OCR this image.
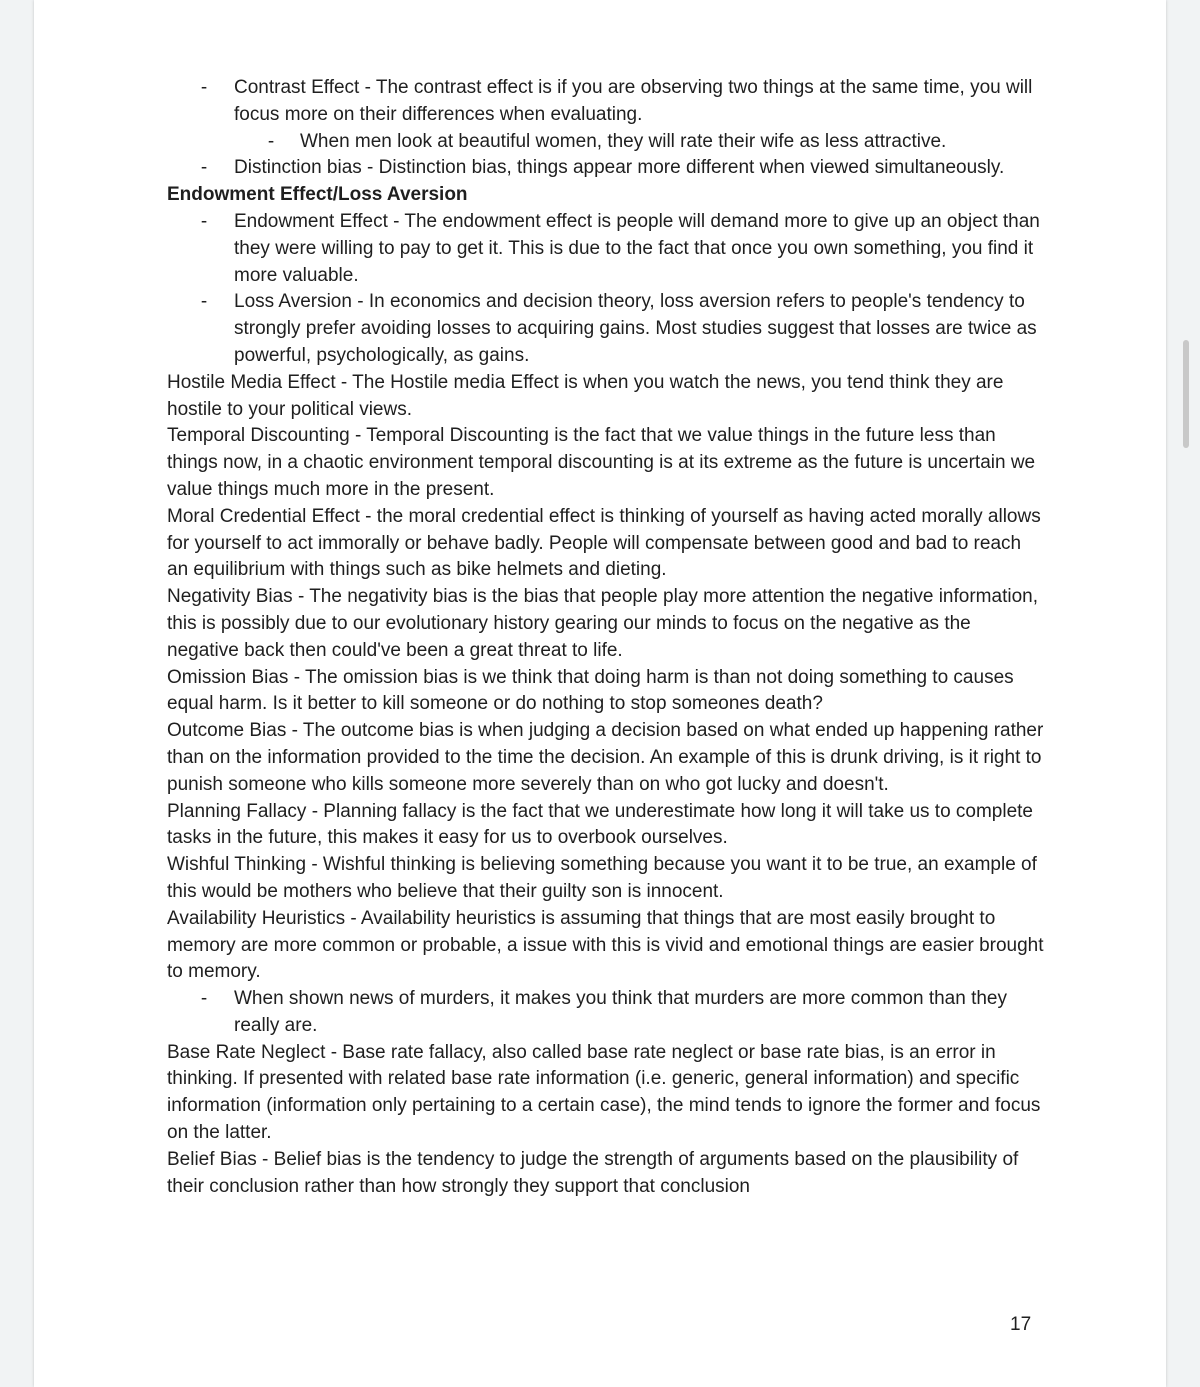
- Contrast Effect - The contrast effect is if you are observing two things at the same time, you will focus more on their differences when evaluating.
- When men look at beautiful women, they will rate their wife as less attractive.
- Distinction bias - Distinction bias, things appear more different when viewed simultaneously.

Endowment Effect/Loss Aversion

- Endowment Effect - The endowment effect is people will demand more to give up an object than they were willing to pay to get it. This is due to the fact that once you own something, you find it more valuable.
- Loss Aversion - In economics and decision theory, loss aversion refers to people's tendency to strongly prefer avoiding losses to acquiring gains. Most studies suggest that losses are twice as powerful, psychologically, as gains.

Hostile Media Effect - The Hostile media Effect is when you watch the news, you tend think they are hostile to your political views.

Temporal Discounting - Temporal Discounting is the fact that we value things in the future less than things now, in a chaotic environment temporal discounting is at its extreme as the future is uncertain we value things much more in the present.

Moral Credential Effect - the moral credential effect is thinking of yourself as having acted morally allows for yourself to act immorally or behave badly. People will compensate between good and bad to reach an equilibrium with things such as bike helmets and dieting.

Negativity Bias - The negativity bias is the bias that people play more attention the negative information, this is possibly due to our evolutionary history gearing our minds to focus on the negative as the negative back then could've been a great threat to life.

Omission Bias - The omission bias is we think that doing harm is than not doing something to causes equal harm. Is it better to kill someone or do nothing to stop someones death?

Outcome Bias - The outcome bias is when judging a decision based on what ended up happening rather than on the information provided to the time the decision. An example of this is drunk driving, is it right to punish someone who kills someone more severely than on who got lucky and doesn't.

Planning Fallacy - Planning fallacy is the fact that we underestimate how long it will take us to complete tasks in the future, this makes it easy for us to overbook ourselves.

Wishful Thinking - Wishful thinking is believing something because you want it to be true, an example of this would be mothers who believe that their guilty son is innocent.

Availability Heuristics - Availability heuristics is assuming that things that are most easily brought to memory are more common or probable, a issue with this is vivid and emotional things are easier brought to memory.

- When shown news of murders, it makes you think that murders are more common than they really are.

Base Rate Neglect - Base rate fallacy, also called base rate neglect or base rate bias, is an error in thinking. If presented with related base rate information (i.e. generic, general information) and specific information (information only pertaining to a certain case), the mind tends to ignore the former and focus on the latter.

Belief Bias - Belief bias is the tendency to judge the strength of arguments based on the plausibility of their conclusion rather than how strongly they support that conclusion

17
